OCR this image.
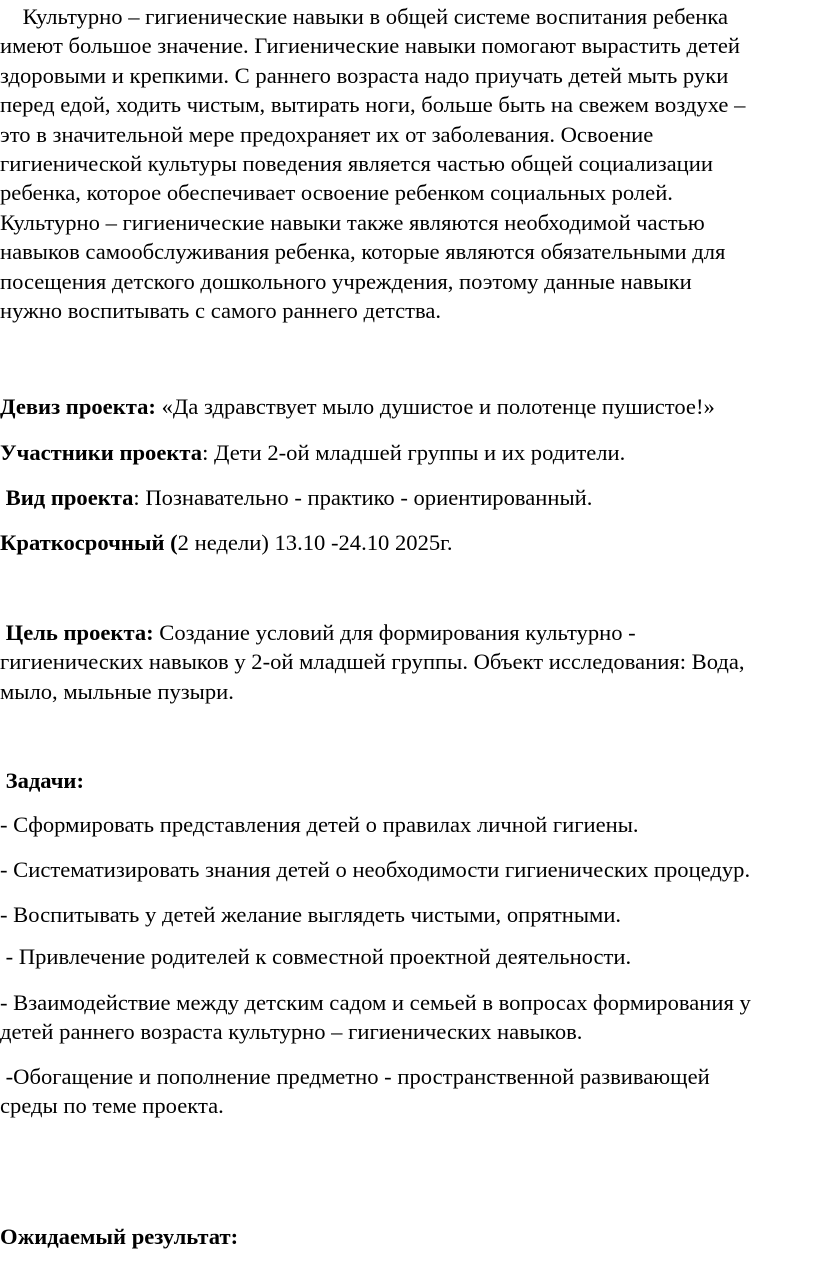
Культурно – гигиенические навыки в общей системе воспитания ребенка
имеют большое значение. Гигиенические навыки помогают вырастить детей
здоровыми и крепкими. С раннего возраста надо приучать детей мыть руки
перед едой, ходить чистым, вытирать ноги, больше быть на свежем воздухе –
это в значительной мере предохраняет их от заболевания. Освоение
гигиенической культуры поведения является частью общей социализации
ребенка, которое обеспечивает освоение ребенком социальных ролей.
Культурно – гигиенические навыки также являются необходимой частью
навыков самообслуживания ребенка, которые являются обязательными для
посещения детского дошкольного учреждения, поэтому данные навыки
нужно воспитывать с самого раннего детства.
Девиз проекта: «Да здравствует мыло душистое и полотенце пушистое!»
Участники проекта: Дети 2-ой младшей группы и их родители.
Вид проекта: Познавательно - практико - ориентированный.
Краткосрочный (2 недели) 13.10 -24.10 2025г.
Цель проекта: Создание условий для формирования культурно -
гигиенических навыков у 2-ой младшей группы. Объект исследования: Вода,
мыло, мыльные пузыри.
Задачи:
- Сформировать представления детей о правилах личной гигиены.
- Систематизировать знания детей о необходимости гигиенических процедур.
- Воспитывать у детей желание выглядеть чистыми, опрятными.
- Привлечение родителей к совместной проектной деятельности.
- Взаимодействие между детским садом и семьей в вопросах формирования у
детей раннего возраста культурно – гигиенических навыков.
-Обогащение и пополнение предметно - пространственной развивающей
среды по теме проекта.
Ожидаемый результат:
